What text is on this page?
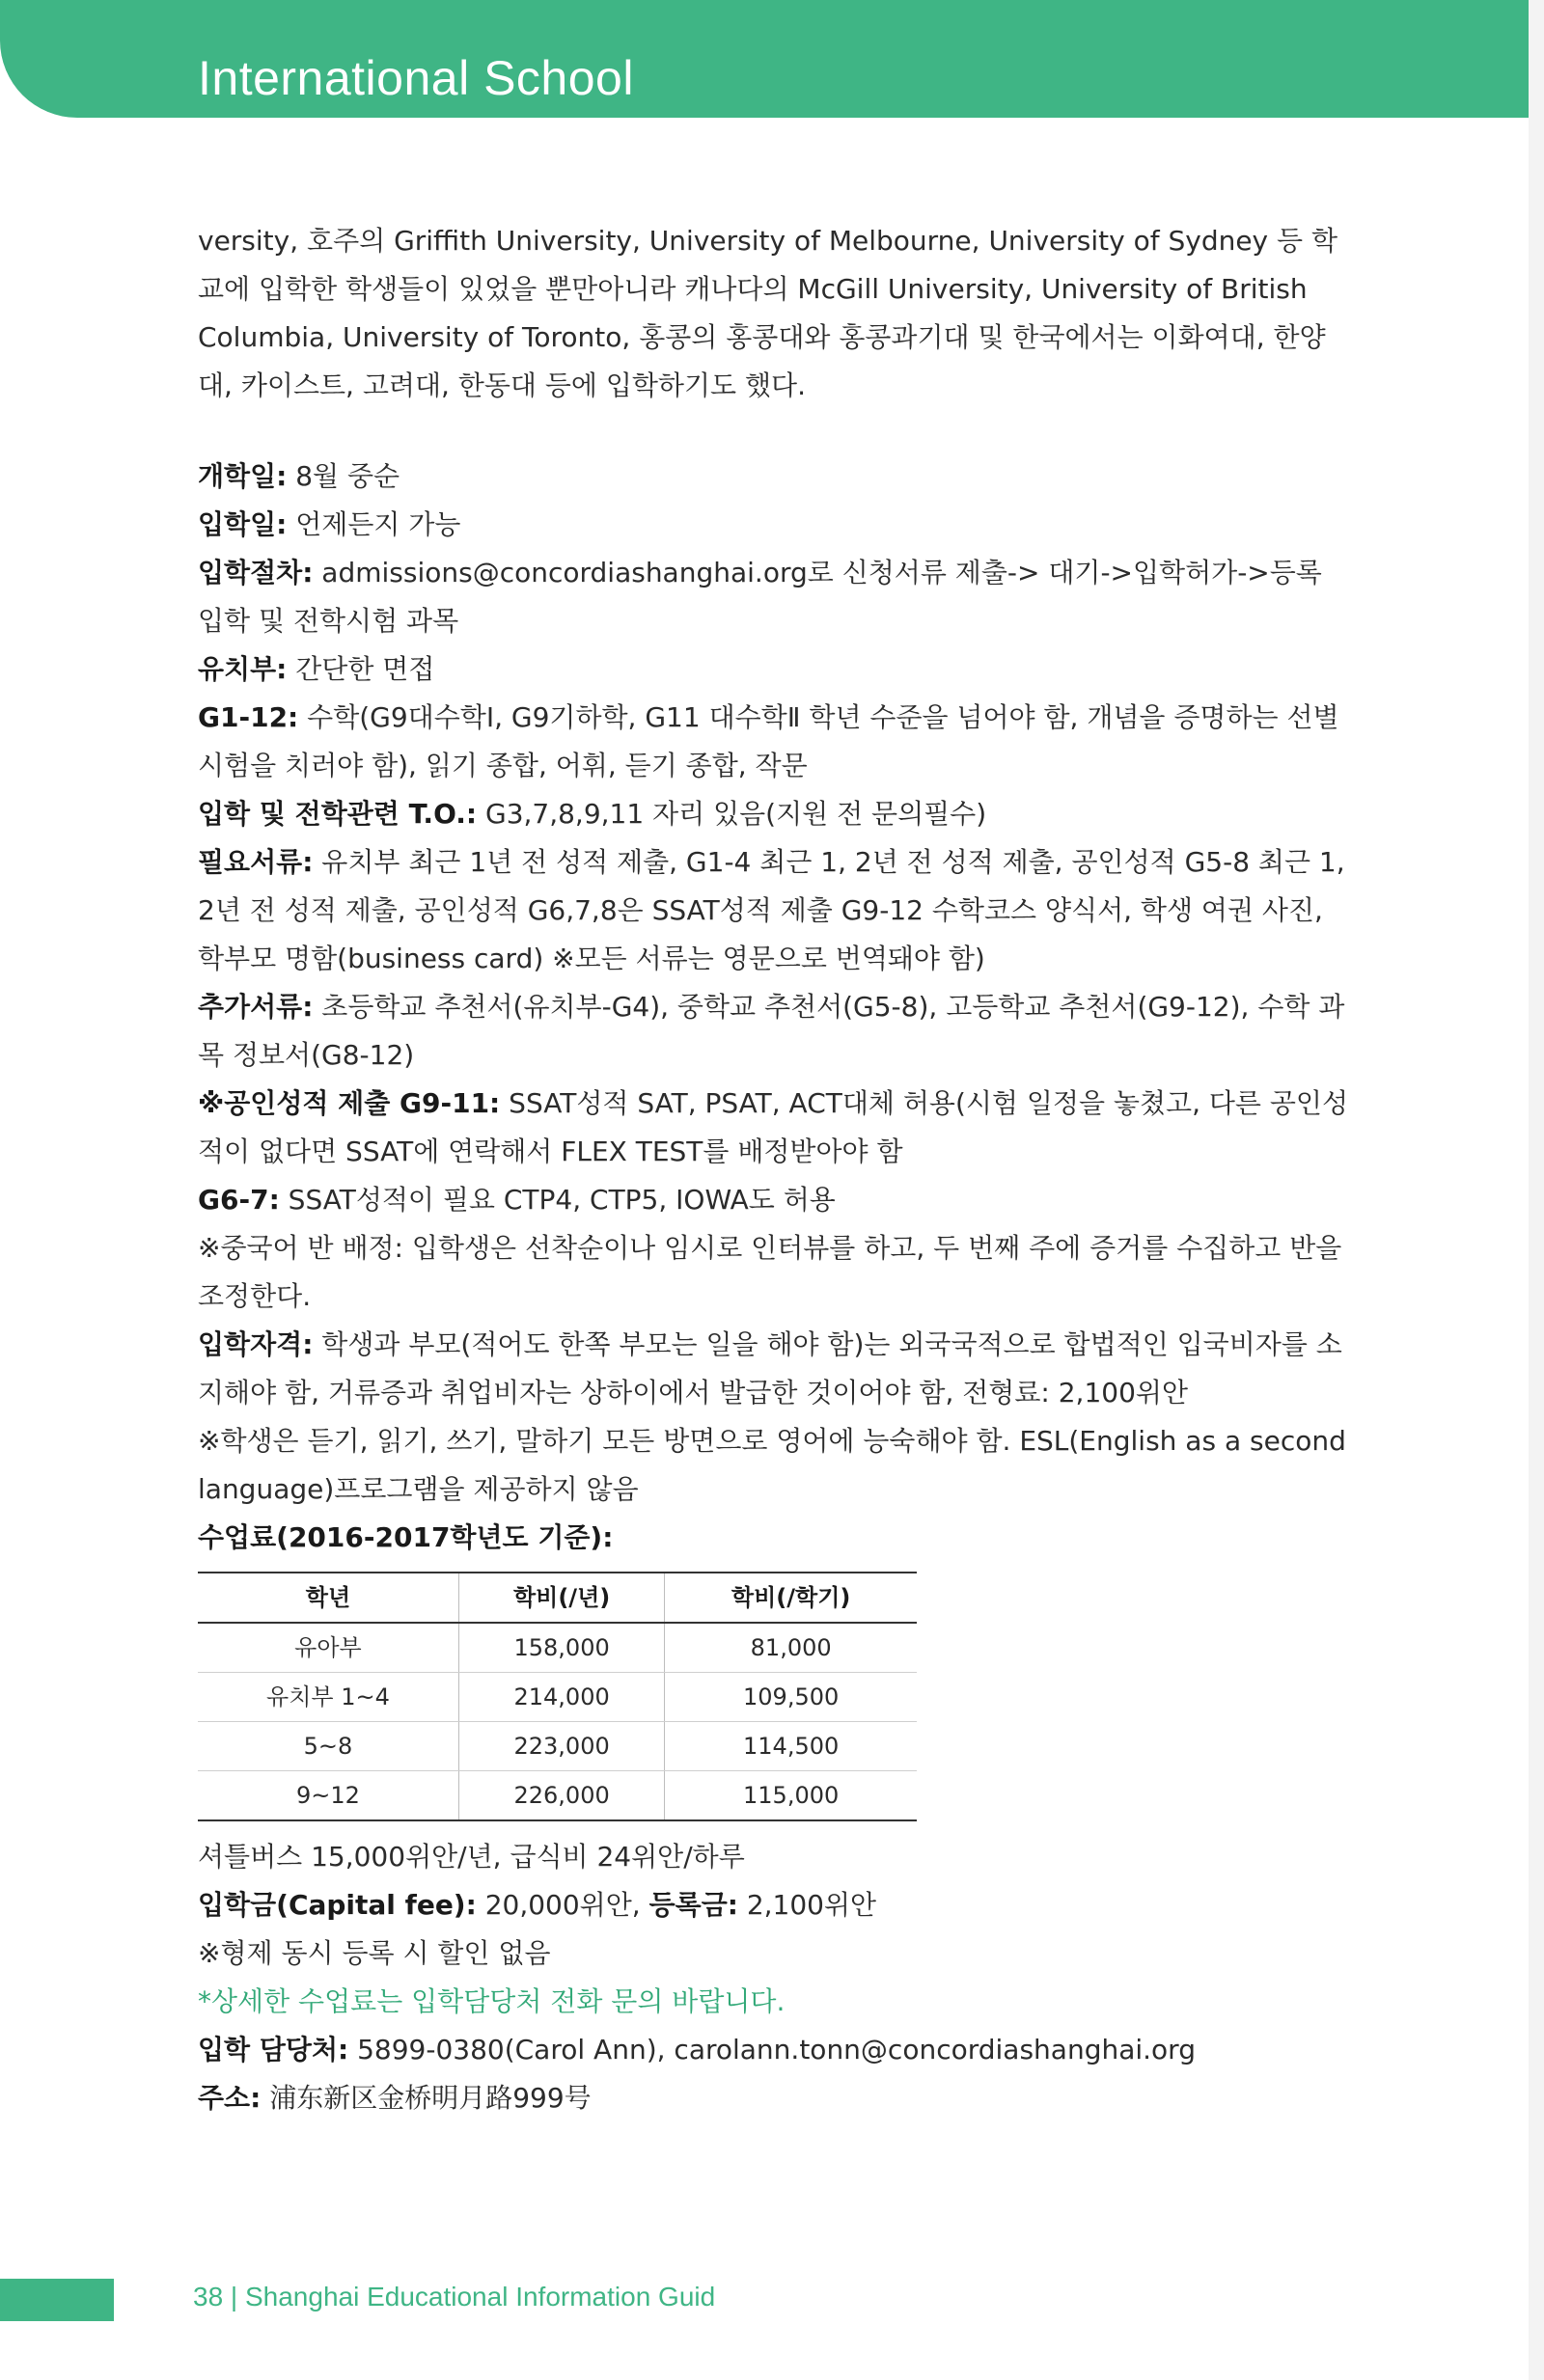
International School

versity, 호주의 Griffith University, University of Melbourne, University of Sydney 등 학교에 입학한 학생들이 있었을 뿐만아니라 캐나다의 McGill University, University of British Columbia, University of Toronto, 홍콩의 홍콩대와 홍콩과기대 및 한국에서는 이화여대, 한양대, 카이스트, 고려대, 한동대 등에 입학하기도 했다.

개학일: 8월 중순

입학일: 언제든지 가능

입학절차: admissions@concordiashanghai.org로 신청서류 제출-> 대기->입학허가->등록

입학 및 전학시험 과목

유치부: 간단한 면접

G1-12: 수학(G9대수학Ⅰ, G9기하학, G11 대수학Ⅱ 학년 수준을 넘어야 함, 개념을 증명하는 선별 시험을 치러야 함), 읽기 종합, 어휘, 듣기 종합, 작문

입학 및 전학관련 T.O.: G3,7,8,9,11 자리 있음(지원 전 문의필수)

필요서류: 유치부 최근 1년 전 성적 제출, G1-4 최근 1, 2년 전 성적 제출, 공인성적 G5-8 최근 1, 2년 전 성적 제출, 공인성적 G6,7,8은 SSAT성적 제출 G9-12 수학코스 양식서, 학생 여권 사진, 학부모 명함(business card) ※모든 서류는 영문으로 번역돼야 함)

추가서류: 초등학교 추천서(유치부-G4), 중학교 추천서(G5-8), 고등학교 추천서(G9-12), 수학 과목 정보서(G8-12)

※공인성적 제출 G9-11: SSAT성적 SAT, PSAT, ACT대체 허용(시험 일정을 놓쳤고, 다른 공인성적이 없다면 SSAT에 연락해서 FLEX TEST를 배정받아야 함

G6-7: SSAT성적이 필요 CTP4, CTP5, IOWA도 허용

※중국어 반 배정: 입학생은 선착순이나 임시로 인터뷰를 하고, 두 번째 주에 증거를 수집하고 반을 조정한다.

입학자격: 학생과 부모(적어도 한쪽 부모는 일을 해야 함)는 외국국적으로 합법적인 입국비자를 소지해야 함, 거류증과 취업비자는 상하이에서 발급한 것이어야 함, 전형료: 2,100위안

※학생은 듣기, 읽기, 쓰기, 말하기 모든 방면으로 영어에 능숙해야 함. ESL(English as a second language)프로그램을 제공하지 않음

수업료(2016-2017학년도 기준):

학년	학비(/년)	학비(/학기)
유아부	158,000	81,000
유치부 1~4	214,000	109,500
5~8	223,000	114,500
9~12	226,000	115,000

셔틀버스 15,000위안/년, 급식비 24위안/하루

입학금(Capital fee): 20,000위안, 등록금: 2,100위안

※형제 동시 등록 시 할인 없음

*상세한 수업료는 입학담당처 전화 문의 바랍니다.

입학 담당처: 5899-0380(Carol Ann), carolann.tonn@concordiashanghai.org

주소: 浦东新区金桥明月路999号

38 | Shanghai Educational Information Guid
